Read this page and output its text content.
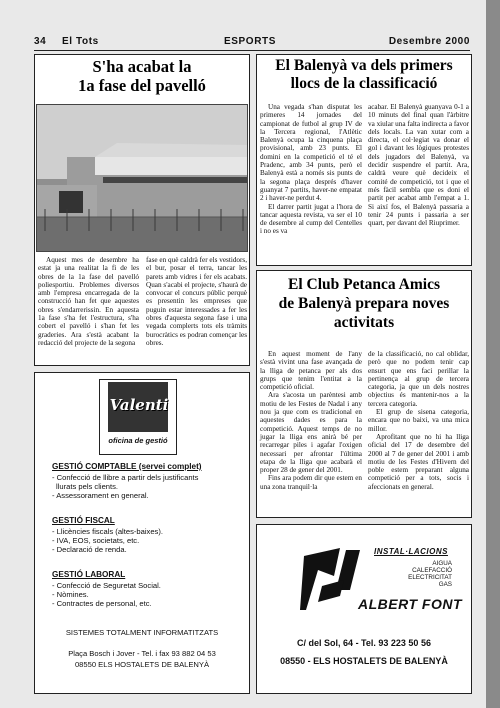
34 El Tots	ESPORTS	Desembre 2000
S'ha acabat la
1a fase del pavelló

Aquest mes de desembre ha estat ja una realitat la fi de les obres de la 1a fase del pavelló poliesportiu. Problemes diversos amb l'empresa encarregada de la construcció han fet que aquestes obres s'endarrerissin. En aquesta 1a fase s'ha fet l'estructura, s'ha cobert el pavelló i s'han fet les graderies. Ara s'està acabant la redacció del projecte de la segona

fase en què caldrà fer els vestidors, el bur, posar el terra, tancar les parets amb vidres i fer els acabats. Quan s'acabi el projecte, s'haurà de convocar el concurs públic perquè es presentin les empreses que puguin estar interessades a fer les obres d'aquesta segona fase i una vegada complerts tots els tràmits burocràtics es podran començar les obres.

El Balenyà va dels primers
llocs de la classificació

Una vegada s'han disputat les primeres 14 jornades del campionat de futbol al grup IV de la Tercera regional, l'Atlètic Balenyà ocupa la cinquena plaça provisional, amb 23 punts. El domini en la competició el té el Pradenc, amb 34 punts, però el Balenyà està a només sis punts de la segona plaça després d'haver guanyat 7 partits, haver-ne empatat 2 i haver-ne perdut 4.

El darrer partit jugat a l'hora de tancar aquesta revista, va ser el 10 de desembre al cump del Centelles i no es va

acabar. El Balenyà guanyava 0-1 a 10 minuts del final quan l'àrbitre va xiular una falta indirecta a favor dels locals. La van xutar com a directa, el col·legiat va donar el gol i davant les lògiques protestes dels jugadors del Balenyà, va decidir suspendre el partit. Ara, caldrà veure què decideix el comité de competició, tot i que el més fàcil sembla que es doni el partit per acabat amb l'empat a 1. Si així fos, el Balenyà passaria a tenir 24 punts i passaria a ser quart, per davant del Riuprimer.

El Club Petanca Amics
de Balenyà prepara noves
activitats

En aquest moment de l'any s'està vivint una fase avançada de la lliga de petanca per als dos grups que tenim l'entitat a la competició oficial.

Ara s'acosta un parèntesi amb motiu de les Festes de Nadal i any nou ja que com es tradicional en aquestes dades es para la competició. Aquest temps de no jugar la lliga ens anirà bé per recarregar piles i agafar l'oxigen necessari per afrontar l'última etapa de la lliga que acabarà el proper 28 de gener del 2001.

Fins ara podem dir que estem en una zona tranquil·la

de la classificació, no cal oblidar, però que no podem tenir cap ensurt que ens faci perillar la pertinença al grup de tercera categoria, ja que un dels nostres objectius és mantenir-nos a la tercera categoria.

El grup de sisena categoria, encara que no baixi, va una mica millor.

Aprofitant que no hi ha lliga oficial del 17 de desembre del 2000 al 7 de gener del 2001 i amb motiu de les Festes d'Hivern del poble estem preparant alguna competició per a tots, socis i afeccionats en general.

Valenti
oficina de gestió
GESTIÓ COMPTABLE (servei complet)
- Confecció de llibre a partir dels justificants
llurats pels clients.
- Assessorament en general.
GESTIÓ FISCAL
- Llicències fiscals (altes-baixes).
- IVA, EOS, societats, etc.
- Declaració de renda.
GESTIÓ LABORAL
- Confecció de Seguretat Social.
- Nòmines.
- Contractes de personal, etc.
SISTEMES TOTALMENT INFORMATITZATS
Plaça Bosch i Jover - Tel. i fax 93 882 04 53
08550 ELS HOSTALETS DE BALENYÀ
INSTAL·LACIONS
AIGUA
CALEFACCIÓ
ELECTRICITAT
GAS
ALBERT FONT
C/ del Sol, 64 - Tel. 93 223 50 56
08550 - ELS HOSTALETS DE BALENYÀ
